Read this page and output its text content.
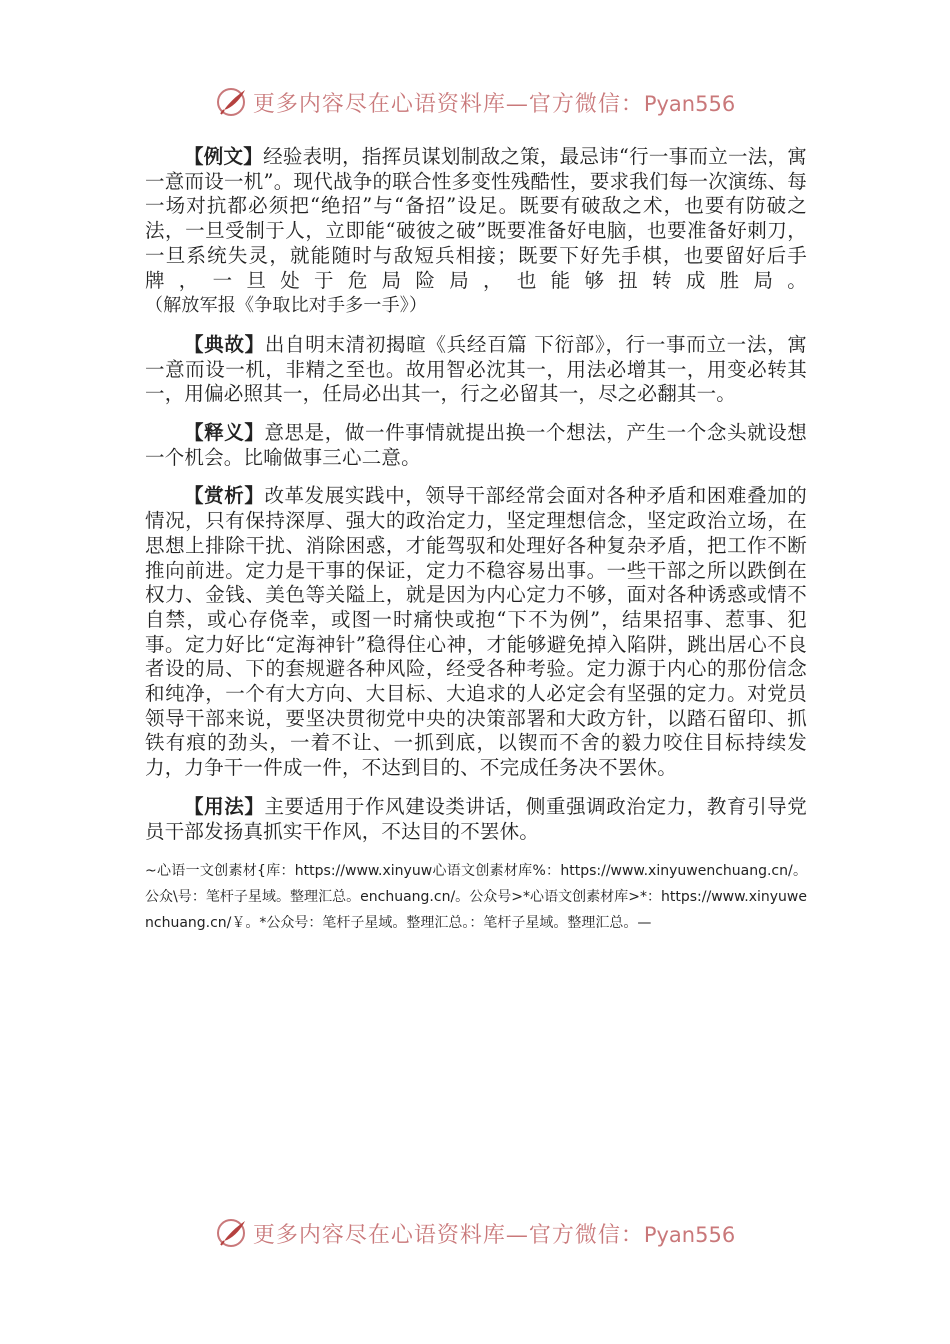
更多内容尽在心语资料库—官方微信：Pyan556

【例文】经验表明，指挥员谋划制敌之策，最忌讳“行一事而立一法，寓一意而设一机”。现代战争的联合性多变性残酷性，要求我们每一次演练、每一场对抗都必须把“绝招”与“备招”设足。既要有破敌之术，也要有防破之法，一旦受制于人，立即能“破彼之破”既要准备好电脑，也要准备好刺刀，一旦系统失灵，就能随时与敌短兵相接；既要下好先手棋，也要留好后手牌，一旦处于危局险局，也能够扭转成胜局。（解放军报《争取比对手多一手》）

【典故】出自明末清初揭暄《兵经百篇 下衍部》，行一事而立一法，寓一意而设一机，非精之至也。故用智必沈其一，用法必增其一，用变必转其一，用偏必照其一，任局必出其一，行之必留其一，尽之必翻其一。

【释义】意思是，做一件事情就提出换一个想法，产生一个念头就设想一个机会。比喻做事三心二意。

【赏析】改革发展实践中，领导干部经常会面对各种矛盾和困难叠加的情况，只有保持深厚、强大的政治定力，坚定理想信念，坚定政治立场，在思想上排除干扰、消除困惑，才能驾驭和处理好各种复杂矛盾，把工作不断推向前进。定力是干事的保证，定力不稳容易出事。一些干部之所以跌倒在权力、金钱、美色等关隘上，就是因为内心定力不够，面对各种诱惑或情不自禁，或心存侥幸，或图一时痛快或抱“下不为例”，结果招事、惹事、犯事。定力好比“定海神针”稳得住心神，才能够避免掉入陷阱，跳出居心不良者设的局、下的套规避各种风险，经受各种考验。定力源于内心的那份信念和纯净，一个有大方向、大目标、大追求的人必定会有坚强的定力。对党员领导干部来说，要坚决贯彻党中央的决策部署和大政方针，以踏石留印、抓铁有痕的劲头，一着不让、一抓到底，以锲而不舍的毅力咬住目标持续发力，力争干一件成一件，不达到目的、不完成任务决不罢休。

【用法】主要适用于作风建设类讲话，侧重强调政治定力，教育引导党员干部发扬真抓实干作风，不达目的不罢休。

~心语一文创素材{库：https://www.xinyuw心语文创素材库%：https://www.xinyuwenchuang.cn/。公众\号：笔杆子星域。整理汇总。enchuang.cn/。公众号>*心语文创素材库>*：https://www.xinyuwenchuang.cn/￥。*公众号：笔杆子星域。整理汇总。：笔杆子星域。整理汇总。—
更多内容尽在心语资料库—官方微信：Pyan556
